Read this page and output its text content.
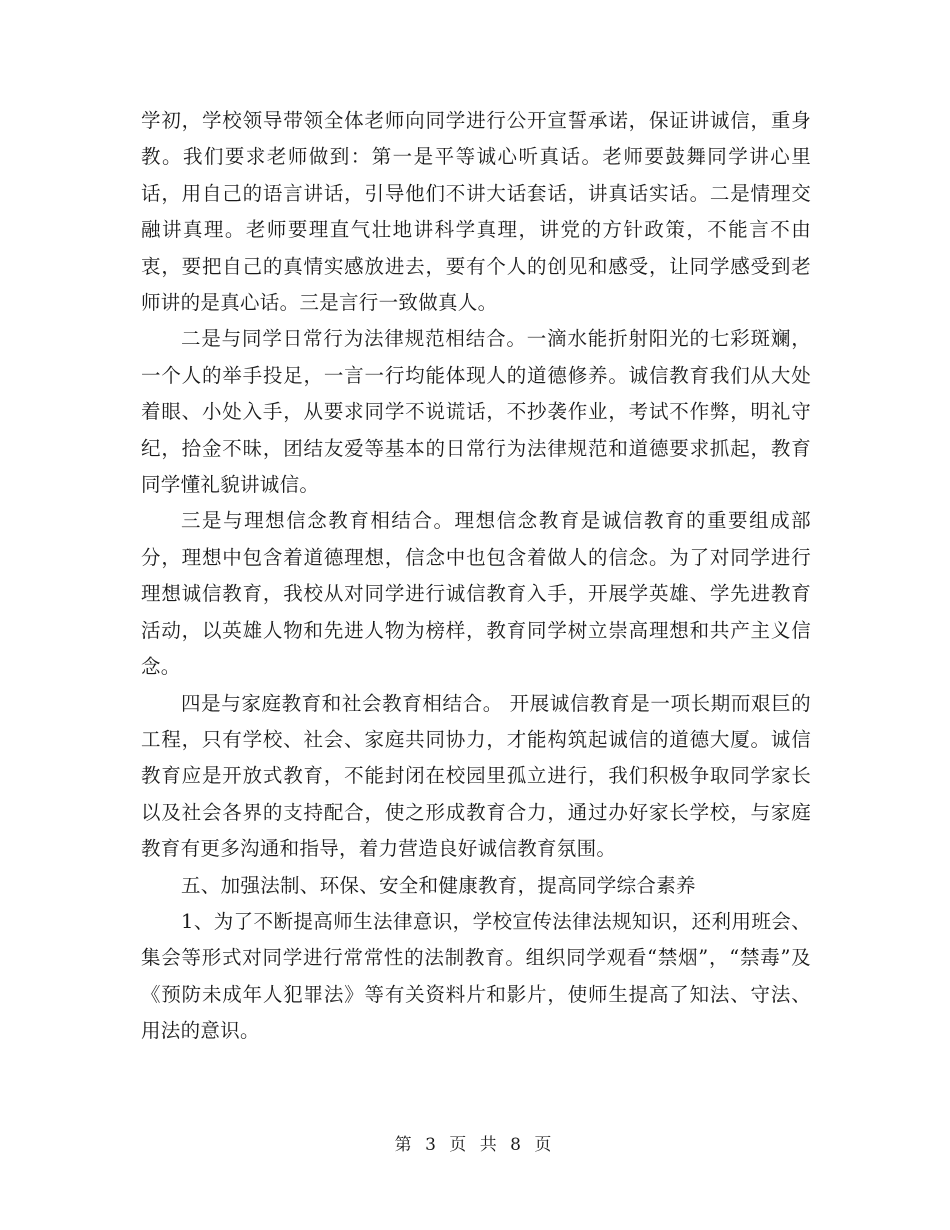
学初，学校领导带领全体老师向同学进行公开宣誓承诺，保证讲诚信，重身教。我们要求老师做到：第一是平等诚心听真话。老师要鼓舞同学讲心里话，用自己的语言讲话，引导他们不讲大话套话，讲真话实话。二是情理交融讲真理。老师要理直气壮地讲科学真理，讲党的方针政策，不能言不由衷，要把自己的真情实感放进去，要有个人的创见和感受，让同学感受到老师讲的是真心话。三是言行一致做真人。

二是与同学日常行为法律规范相结合。一滴水能折射阳光的七彩斑斓，一个人的举手投足，一言一行均能体现人的道德修养。诚信教育我们从大处着眼、小处入手，从要求同学不说谎话，不抄袭作业，考试不作弊，明礼守纪，拾金不昧，团结友爱等基本的日常行为法律规范和道德要求抓起，教育同学懂礼貌讲诚信。

三是与理想信念教育相结合。理想信念教育是诚信教育的重要组成部分，理想中包含着道德理想，信念中也包含着做人的信念。为了对同学进行理想诚信教育，我校从对同学进行诚信教育入手，开展学英雄、学先进教育活动，以英雄人物和先进人物为榜样，教育同学树立崇高理想和共产主义信念。

四是与家庭教育和社会教育相结合。 开展诚信教育是一项长期而艰巨的工程，只有学校、社会、家庭共同协力，才能构筑起诚信的道德大厦。诚信教育应是开放式教育，不能封闭在校园里孤立进行，我们积极争取同学家长以及社会各界的支持配合，使之形成教育合力，通过办好家长学校，与家庭教育有更多沟通和指导，着力营造良好诚信教育氛围。

五、加强法制、环保、安全和健康教育，提高同学综合素养

1、为了不断提高师生法律意识，学校宣传法律法规知识，还利用班会、集会等形式对同学进行常常性的法制教育。组织同学观看“禁烟”，“禁毒”及《预防未成年人犯罪法》等有关资料片和影片，使师生提高了知法、守法、用法的意识。

第 3 页 共 8 页
